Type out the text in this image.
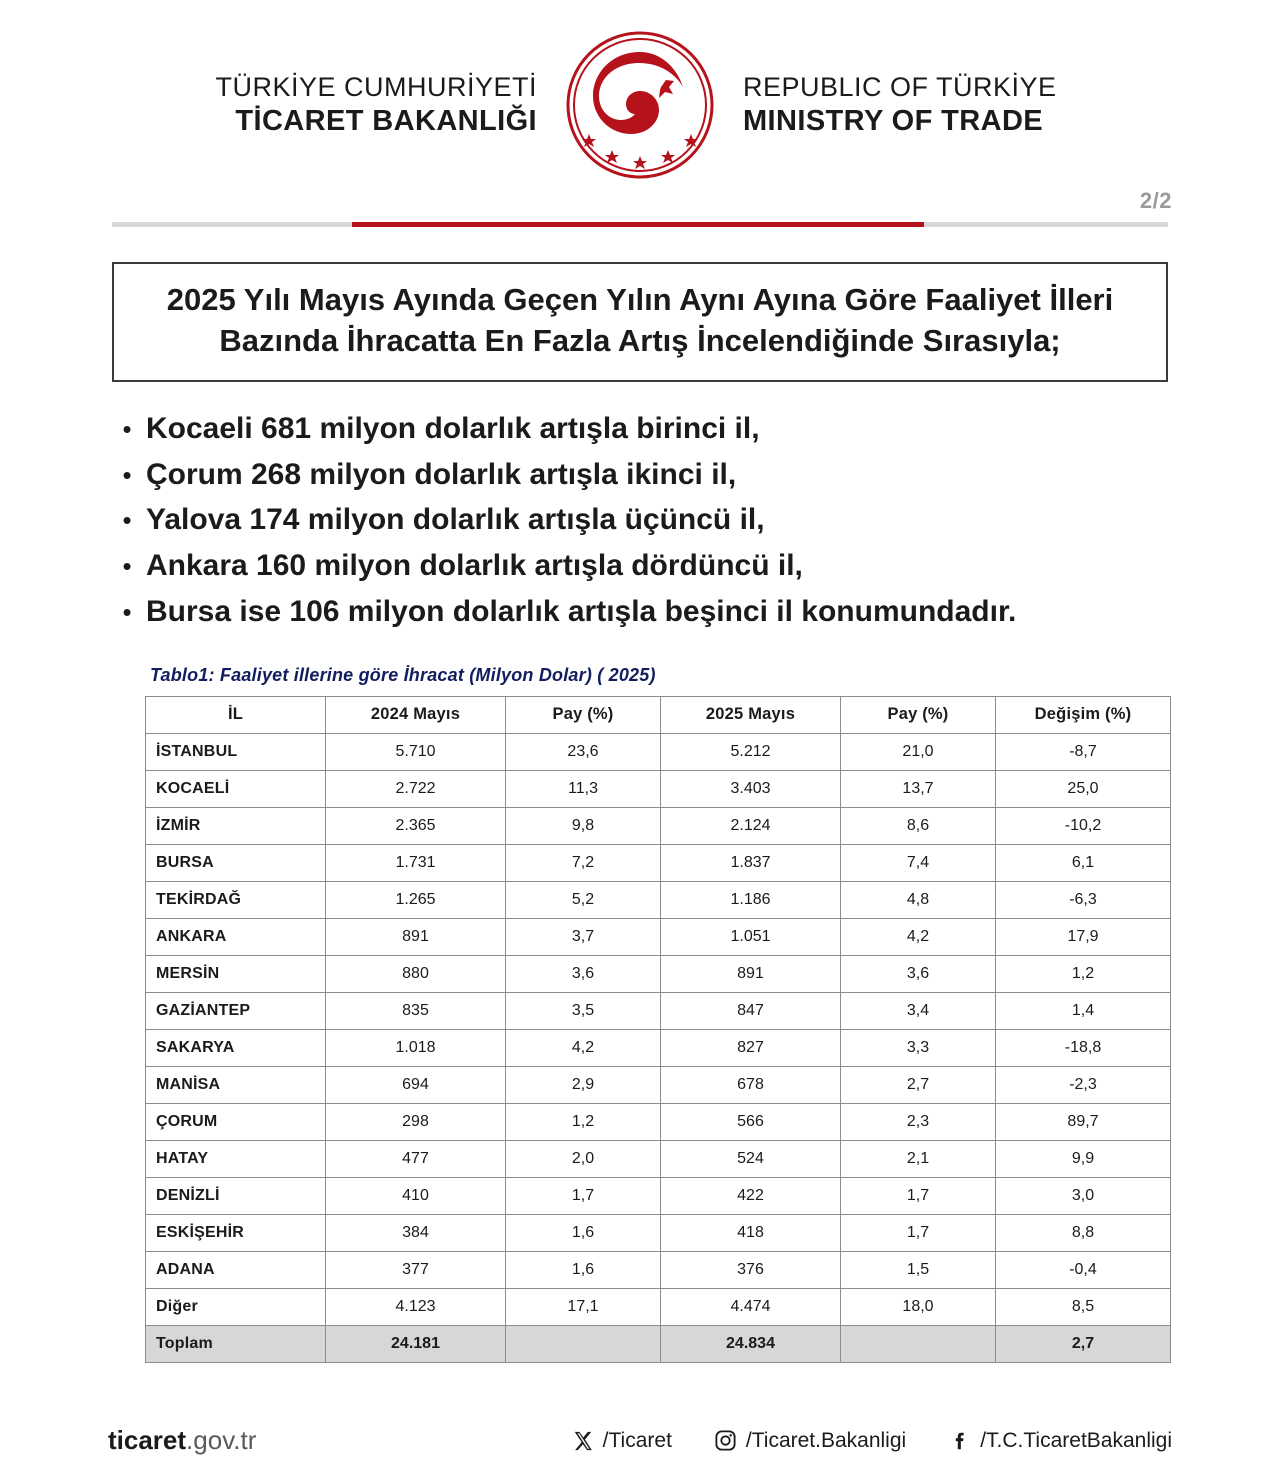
TÜRKİYE CUMHURİYETİ
TİCARET BAKANLIĞI
REPUBLIC OF TÜRKİYE
MINISTRY OF TRADE
2/2
2025 Yılı Mayıs Ayında Geçen Yılın Aynı Ayına Göre Faaliyet İlleri
Bazında İhracatta En Fazla Artış İncelendiğinde Sırasıyla;
• Kocaeli 681 milyon dolarlık artışla birinci il,
• Çorum 268 milyon dolarlık artışla ikinci il,
• Yalova 174 milyon dolarlık artışla üçüncü il,
• Ankara 160 milyon dolarlık artışla dördüncü il,
• Bursa ise 106 milyon dolarlık artışla beşinci il konumundadır.
Tablo1: Faaliyet illerine göre İhracat (Milyon Dolar) ( 2025)
İL	2024 Mayıs	Pay (%)	2025 Mayıs	Pay (%)	Değişim (%)
İSTANBUL	5.710	23,6	5.212	21,0	-8,7
KOCAELİ	2.722	11,3	3.403	13,7	25,0
İZMİR	2.365	9,8	2.124	8,6	-10,2
BURSA	1.731	7,2	1.837	7,4	6,1
TEKİRDAĞ	1.265	5,2	1.186	4,8	-6,3
ANKARA	891	3,7	1.051	4,2	17,9
MERSİN	880	3,6	891	3,6	1,2
GAZİANTEP	835	3,5	847	3,4	1,4
SAKARYA	1.018	4,2	827	3,3	-18,8
MANİSA	694	2,9	678	2,7	-2,3
ÇORUM	298	1,2	566	2,3	89,7
HATAY	477	2,0	524	2,1	9,9
DENİZLİ	410	1,7	422	1,7	3,0
ESKİŞEHİR	384	1,6	418	1,7	8,8
ADANA	377	1,6	376	1,5	-0,4
Diğer	4.123	17,1	4.474	18,0	8,5
Toplam	24.181		24.834		2,7
ticaret.gov.tr	/Ticaret	/Ticaret.Bakanligi	/T.C.TicaretBakanligi
